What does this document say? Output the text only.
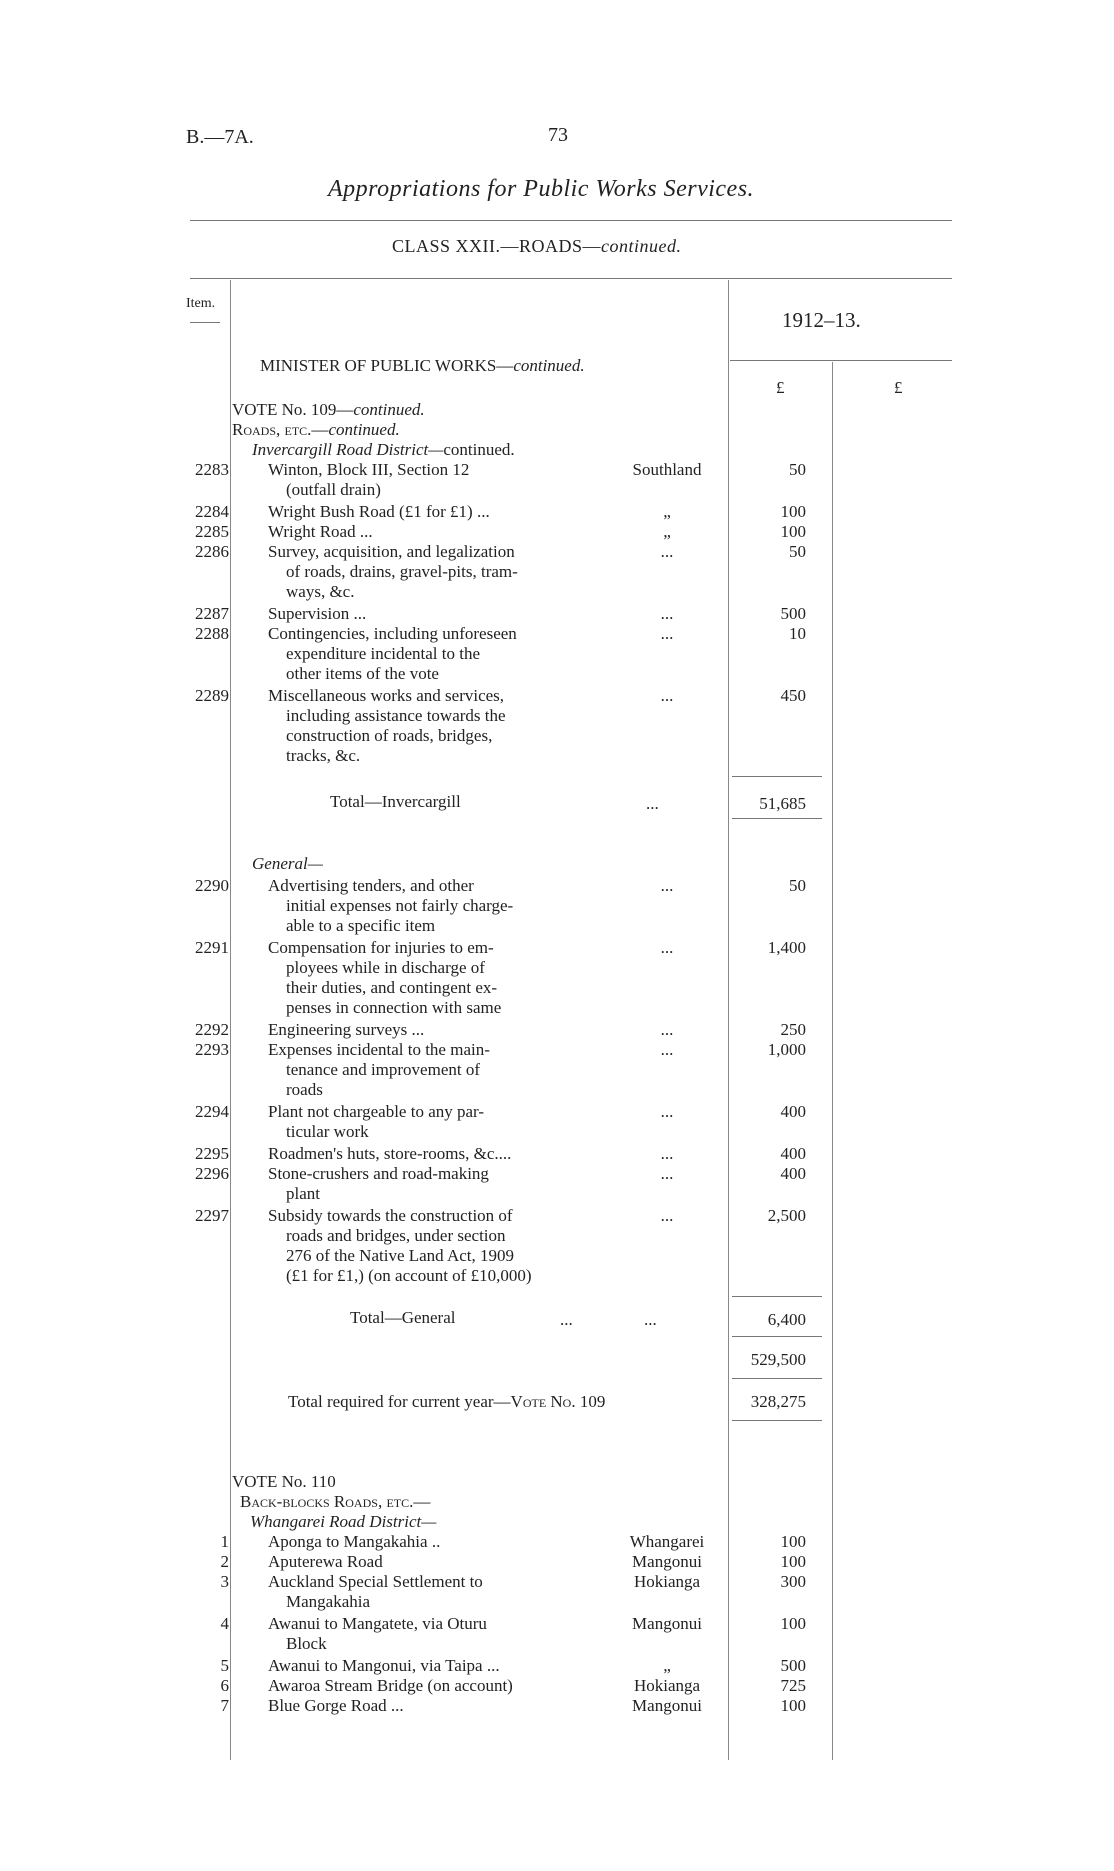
B.—7A.	73
Appropriations for Public Works Services.
CLASS XXII.—ROADS—continued.
Item.
1912–13.
£	£
MINISTER OF PUBLIC WORKS—continued.
VOTE No. 109—continued.
Roads, etc.—continued.
Invercargill Road District—continued.
2283 Winton, Block III, Section 12
(outfall drain)
Southland	50
2284 Wright Bush Road (£1 for £1) ...	„	100
2285 Wright Road ...	„	100
2286 Survey, acquisition, and legalization
of roads, drains, gravel-pits, tram-
ways, &c.
...	50
2287 Supervision ...	...	500
2288 Contingencies, including unforeseen
expenditure incidental to the
other items of the vote
...	10
2289 Miscellaneous works and services,
including assistance towards the
construction of roads, bridges,
tracks, &c.
...	450
Total—Invercargill	...	51,685
General—
2290 Advertising tenders, and other
initial expenses not fairly charge-
able to a specific item
...	50
2291 Compensation for injuries to em-
ployees while in discharge of
their duties, and contingent ex-
penses in connection with same
...	1,400
2292 Engineering surveys ...	...	250
2293 Expenses incidental to the main-
tenance and improvement of
roads
...	1,000
2294 Plant not chargeable to any par-
ticular work
...	400
2295 Roadmen's huts, store-rooms, &c....	...	400
2296 Stone-crushers and road-making
plant
...	400
2297 Subsidy towards the construction of
roads and bridges, under section
276 of the Native Land Act, 1909
(£1 for £1,) (on account of £10,000)
...	2,500
Total—General	...	...	6,400
529,500
Total required for current year—Vote No. 109	328,275
VOTE No. 110
Back-blocks Roads, etc.—
Whangarei Road District—
1 Aponga to Mangakahia ..	Whangarei	100
2 Aputerewa Road	Mangonui	100
3 Auckland Special Settlement to
Mangakahia
Hokianga	300
4 Awanui to Mangatete, via Oturu
Block
Mangonui	100
5 Awanui to Mangonui, via Taipa ...	„	500
6 Awaroa Stream Bridge (on account)	Hokianga	725
7 Blue Gorge Road ...	Mangonui	100
